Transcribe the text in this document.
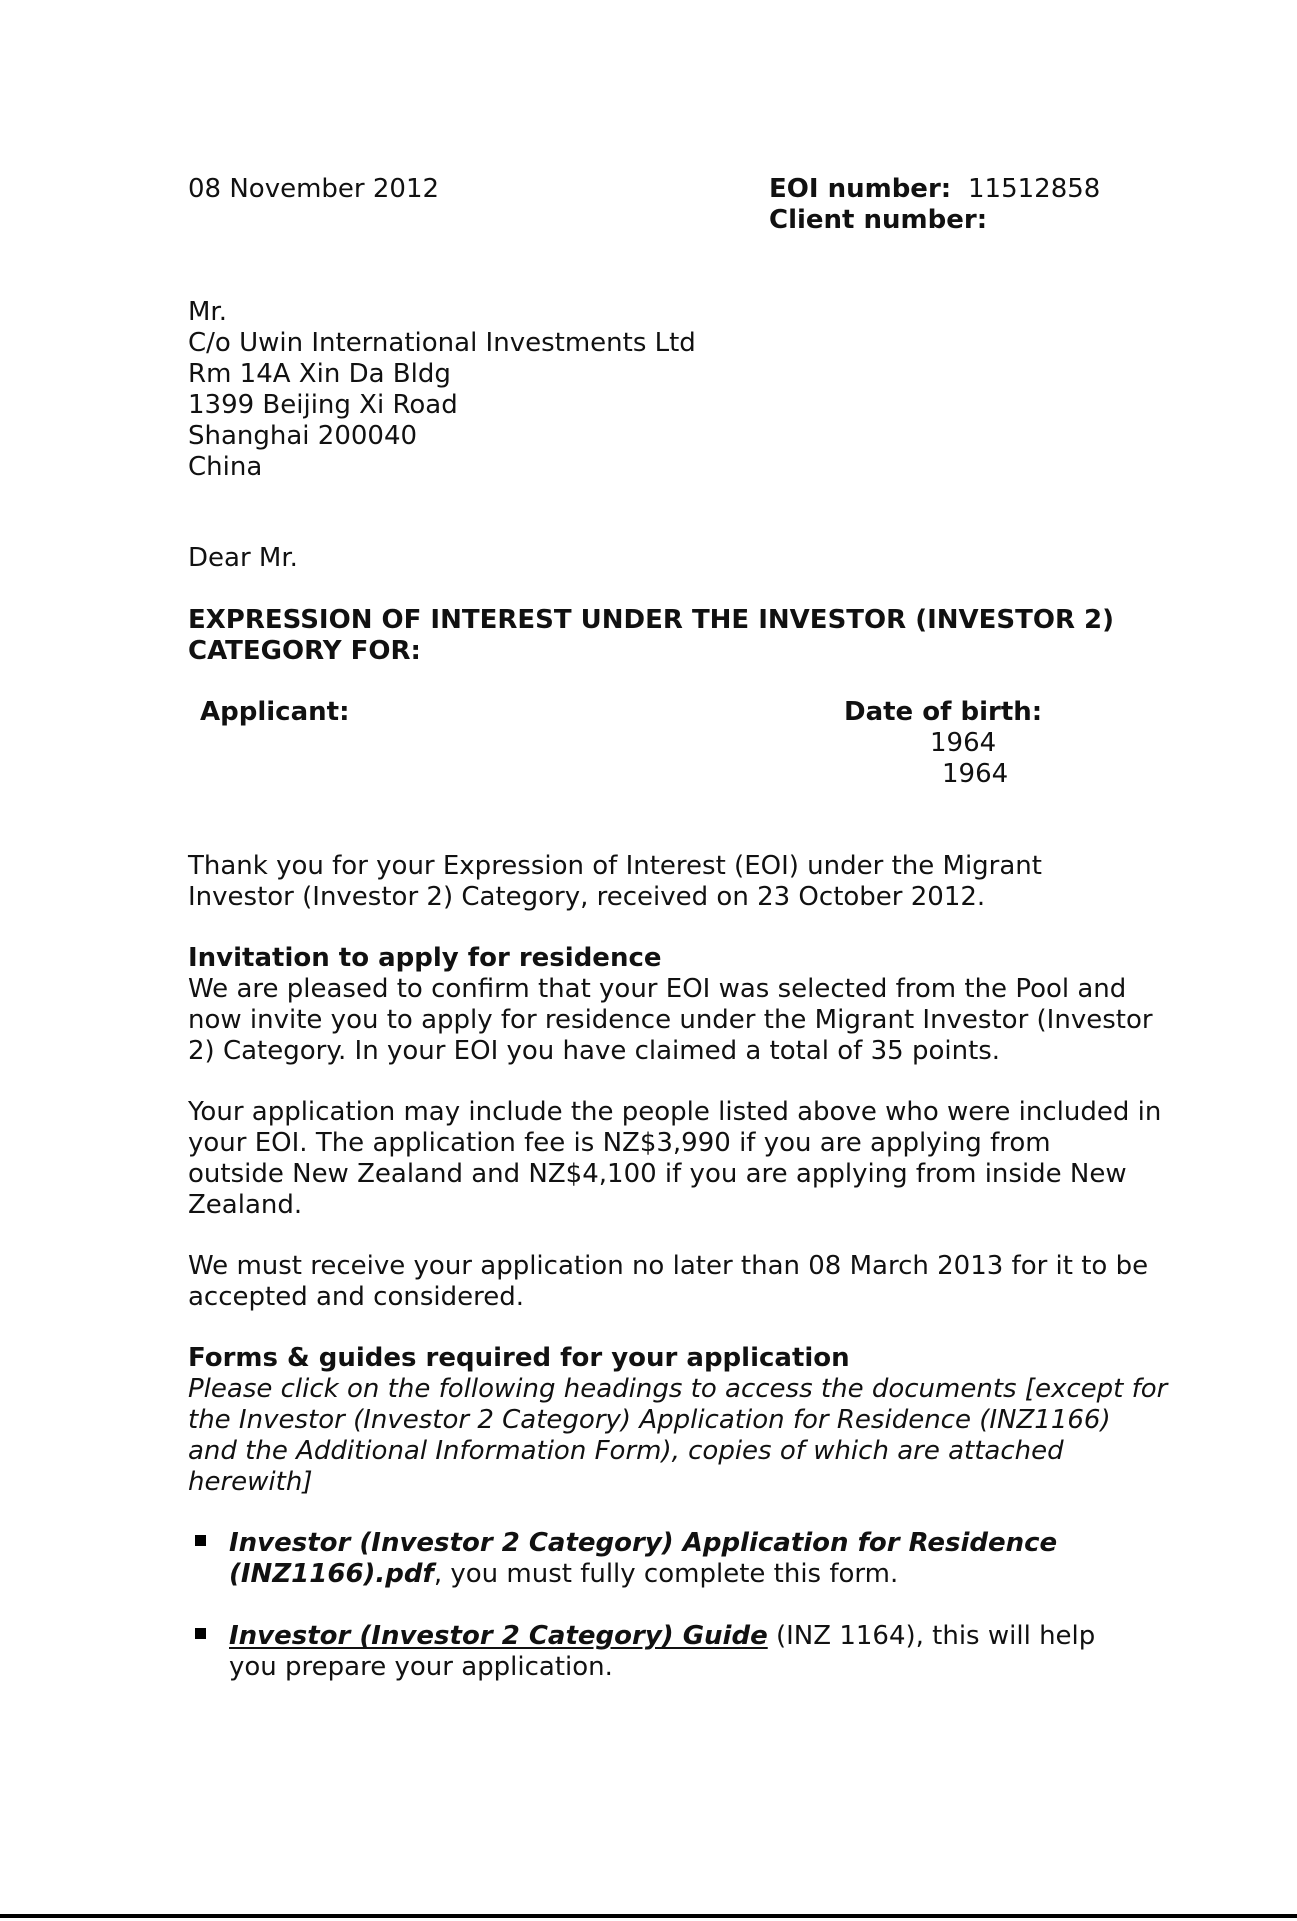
08 November 2012	EOI number: 11512858
Client number:
Mr.
C/o Uwin International Investments Ltd
Rm 14A Xin Da Bldg
1399 Beijing Xi Road
Shanghai 200040
China
Dear Mr.
EXPRESSION OF INTEREST UNDER THE INVESTOR (INVESTOR 2)
CATEGORY FOR:
Applicant:	Date of birth:
1964
1964
Thank you for your Expression of Interest (EOI) under the Migrant
Investor (Investor 2) Category, received on 23 October 2012.
Invitation to apply for residence
We are pleased to confirm that your EOI was selected from the Pool and
now invite you to apply for residence under the Migrant Investor (Investor
2) Category. In your EOI you have claimed a total of 35 points.
Your application may include the people listed above who were included in
your EOI. The application fee is NZ$3,990 if you are applying from
outside New Zealand and NZ$4,100 if you are applying from inside New
Zealand.
We must receive your application no later than 08 March 2013 for it to be
accepted and considered.
Forms & guides required for your application
Please click on the following headings to access the documents [except for
the Investor (Investor 2 Category) Application for Residence (INZ1166)
and the Additional Information Form), copies of which are attached
herewith]
Investor (Investor 2 Category) Application for Residence
(INZ1166).pdf, you must fully complete this form.
Investor (Investor 2 Category) Guide (INZ 1164), this will help
you prepare your application.
